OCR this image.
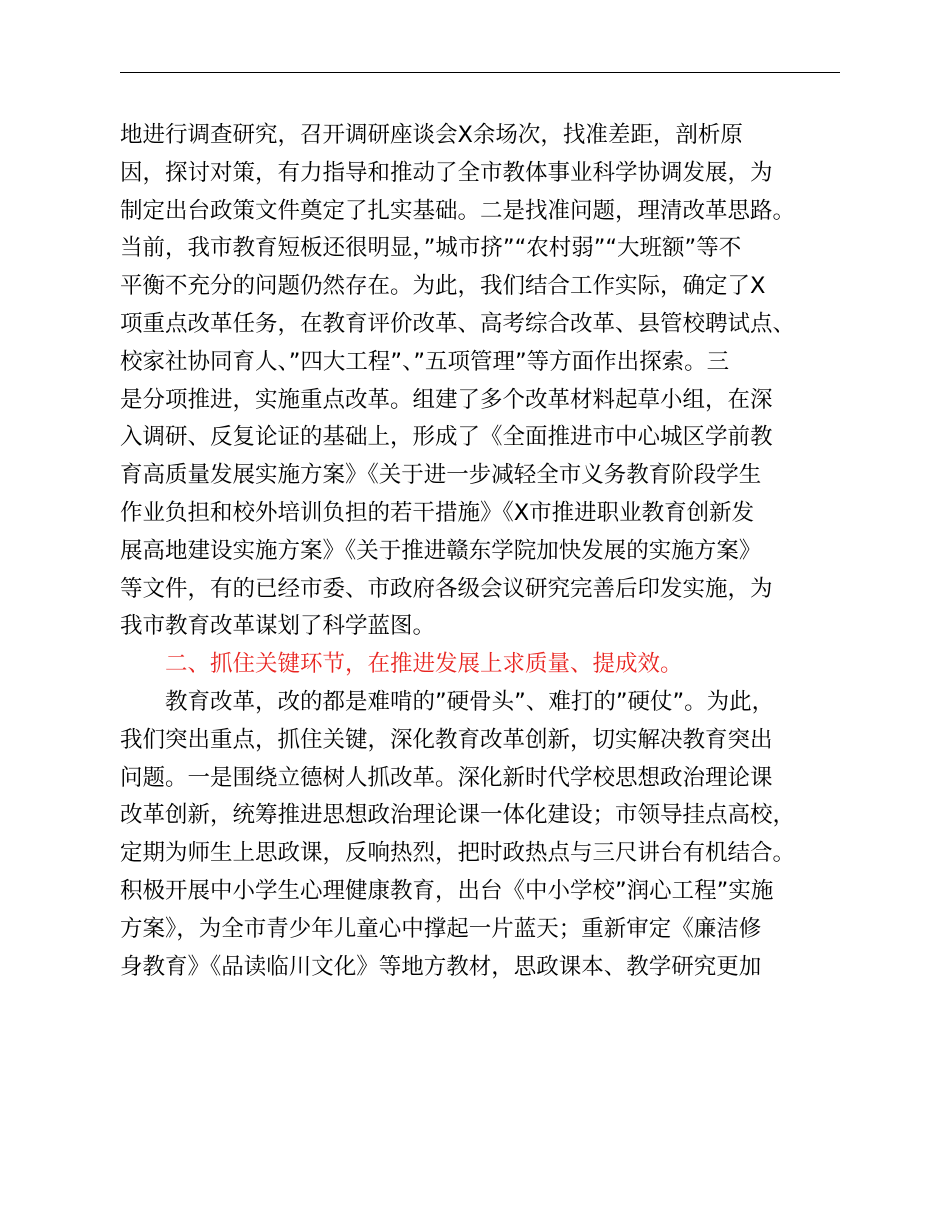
地进行调查研究，召开调研座谈会X余场次，找准差距，剖析原
因，探讨对策，有力指导和推动了全市教体事业科学协调发展，为
制定出台政策文件奠定了扎实基础。二是找准问题，理清改革思路。
当前，我市教育短板还很明显，”城市挤”“农村弱”“大班额”等不
平衡不充分的问题仍然存在。为此，我们结合工作实际，确定了X
项重点改革任务，在教育评价改革、高考综合改革、县管校聘试点、
校家社协同育人、”四大工程”、”五项管理”等方面作出探索。三
是分项推进，实施重点改革。组建了多个改革材料起草小组，在深
入调研、反复论证的基础上，形成了《全面推进市中心城区学前教
育高质量发展实施方案》《关于进一步减轻全市义务教育阶段学生
作业负担和校外培训负担的若干措施》《X市推进职业教育创新发
展高地建设实施方案》《关于推进赣东学院加快发展的实施方案》
等文件，有的已经市委、市政府各级会议研究完善后印发实施，为
我市教育改革谋划了科学蓝图。
二、抓住关键环节，在推进发展上求质量、提成效。
教育改革，改的都是难啃的”硬骨头”、难打的”硬仗”。为此，
我们突出重点，抓住关键，深化教育改革创新，切实解决教育突出
问题。一是围绕立德树人抓改革。深化新时代学校思想政治理论课
改革创新，统筹推进思想政治理论课一体化建设；市领导挂点高校，
定期为师生上思政课，反响热烈，把时政热点与三尺讲台有机结合。
积极开展中小学生心理健康教育，出台《中小学校”润心工程”实施
方案》，为全市青少年儿童心中撑起一片蓝天；重新审定《廉洁修
身教育》《品读临川文化》等地方教材，思政课本、教学研究更加
